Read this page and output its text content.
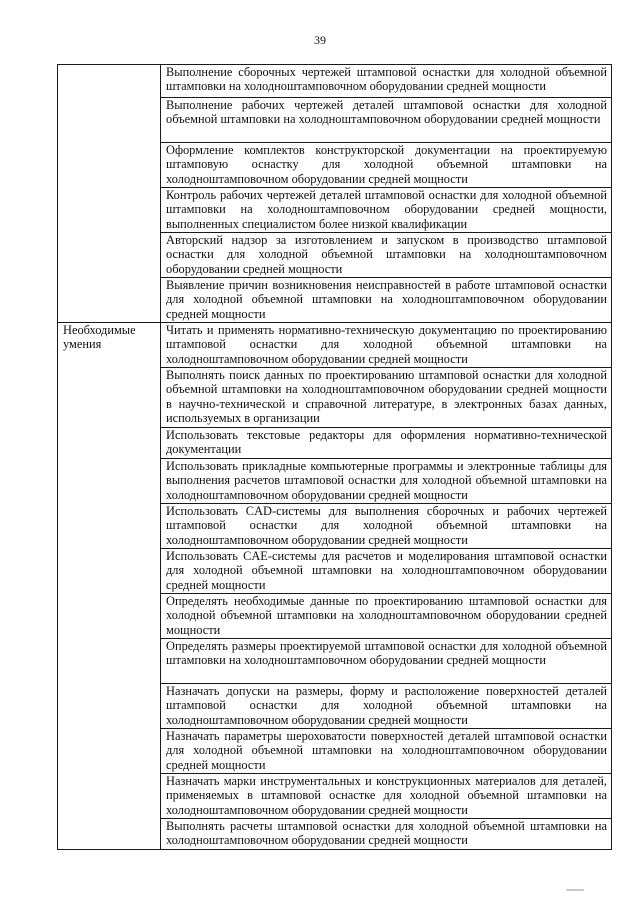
39
	Выполнение сборочных чертежей штамповой оснастки для холодной объемной штамповки на холодноштамповочном оборудовании средней мощности
	Выполнение рабочих чертежей деталей штамповой оснастки для холодной объемной штамповки на холодноштамповочном оборудовании средней мощности
	Оформление комплектов конструкторской документации на проектируемую штамповую оснастку для холодной объемной штамповки на холодноштамповочном оборудовании средней мощности
	Контроль рабочих чертежей деталей штамповой оснастки для холодной объемной штамповки на холодноштамповочном оборудовании средней мощности, выполненных специалистом более низкой квалификации
	Авторский надзор за изготовлением и запуском в производство штамповой оснастки для холодной объемной штамповки на холодноштамповочном оборудовании средней мощности
	Выявление причин возникновения неисправностей в работе штамповой оснастки для холодной объемной штамповки на холодноштамповочном оборудовании средней мощности
Необходимые умения	Читать и применять нормативно-техническую документацию по проектированию штамповой оснастки для холодной объемной штамповки на холодноштамповочном оборудовании средней мощности
	Выполнять поиск данных по проектированию штамповой оснастки для холодной объемной штамповки на холодноштамповочном оборудовании средней мощности в научно-технической и справочной литературе, в электронных базах данных, используемых в организации
	Использовать текстовые редакторы для оформления нормативно-технической документации
	Использовать прикладные компьютерные программы и электронные таблицы для выполнения расчетов штамповой оснастки для холодной объемной штамповки на холодноштамповочном оборудовании средней мощности
	Использовать CAD-системы для выполнения сборочных и рабочих чертежей штамповой оснастки для холодной объемной штамповки на холодноштамповочном оборудовании средней мощности
	Использовать CAE-системы для расчетов и моделирования штамповой оснастки для холодной объемной штамповки на холодноштамповочном оборудовании средней мощности
	Определять необходимые данные по проектированию штамповой оснастки для холодной объемной штамповки на холодноштамповочном оборудовании средней мощности
	Определять размеры проектируемой штамповой оснастки для холодной объемной штамповки на холодноштамповочном оборудовании средней мощности
	Назначать допуски на размеры, форму и расположение поверхностей деталей штамповой оснастки для холодной объемной штамповки на холодноштамповочном оборудовании средней мощности
	Назначать параметры шероховатости поверхностей деталей штамповой оснастки для холодной объемной штамповки на холодноштамповочном оборудовании средней мощности
	Назначать марки инструментальных и конструкционных материалов для деталей, применяемых в штамповой оснастке для холодной объемной штамповки на холодноштамповочном оборудовании средней мощности
	Выполнять расчеты штамповой оснастки для холодной объемной штамповки на холодноштамповочном оборудовании средней мощности
